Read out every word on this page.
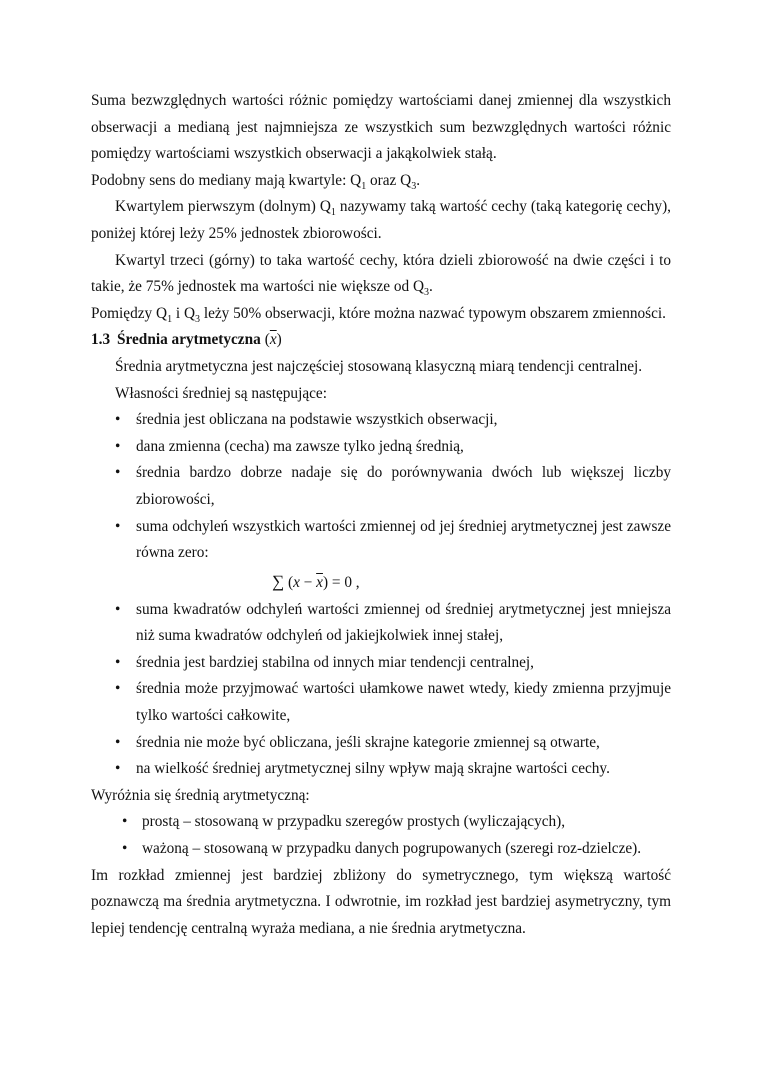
Suma bezwzględnych wartości różnic pomiędzy wartościami danej zmiennej dla wszystkich obserwacji a medianą jest najmniejsza ze wszystkich sum bezwzględnych wartości różnic pomiędzy wartościami wszystkich obserwacji a jakąkolwiek stałą.

Podobny sens do mediany mają kwartyle: $Q_1$ oraz $Q_3$.

Kwartylem pierwszym (dolnym) $Q_1$ nazywamy taką wartość cechy (taką kategorię cechy), poniżej której leży 25% jednostek zbiorowości.

Kwartyl trzeci (górny) to taka wartość cechy, która dzieli zbiorowość na dwie części i to takie, że 75% jednostek ma wartości nie większe od $Q_3$.

Pomiędzy $Q_1$ i $Q_3$ leży 50% obserwacji, które można nazwać typowym obszarem zmienności.

1.3 Średnia arytmetyczna (x)

Średnia arytmetyczna jest najczęściej stosowaną klasyczną miarą tendencji centralnej.

Własności średniej są następujące:

• średnia jest obliczana na podstawie wszystkich obserwacji,
• dana zmienna (cecha) ma zawsze tylko jedną średnią,
• średnia bardzo dobrze nadaje się do porównywania dwóch lub większej liczby zbiorowości,
• suma odchyleń wszystkich wartości zmiennej od jej średniej arytmetycznej jest zawsze równa zero:
∑ $(x - \overline{x}) = 0$ ,
• suma kwadratów odchyleń wartości zmiennej od średniej arytmetycznej jest mniejsza niż suma kwadratów odchyleń od jakiejkolwiek innej stałej,
• średnia jest bardziej stabilna od innych miar tendencji centralnej,
• średnia może przyjmować wartości ułamkowe nawet wtedy, kiedy zmienna przyjmuje tylko wartości całkowite,
• średnia nie może być obliczana, jeśli skrajne kategorie zmiennej są otwarte,
• na wielkość średniej arytmetycznej silny wpływ mają skrajne wartości cechy.

Wyróżnia się średnią arytmetyczną:

• prostą – stosowaną w przypadku szeregów prostych (wyliczających),
• ważoną – stosowaną w przypadku danych pogrupowanych (szeregi roz-dzielcze).

Im rozkład zmiennej jest bardziej zbliżony do symetrycznego, tym większą wartość poznawczą ma średnia arytmetyczna. I odwrotnie, im rozkład jest bardziej asymetryczny, tym lepiej tendencję centralną wyraża mediana, a nie średnia arytmetyczna.
